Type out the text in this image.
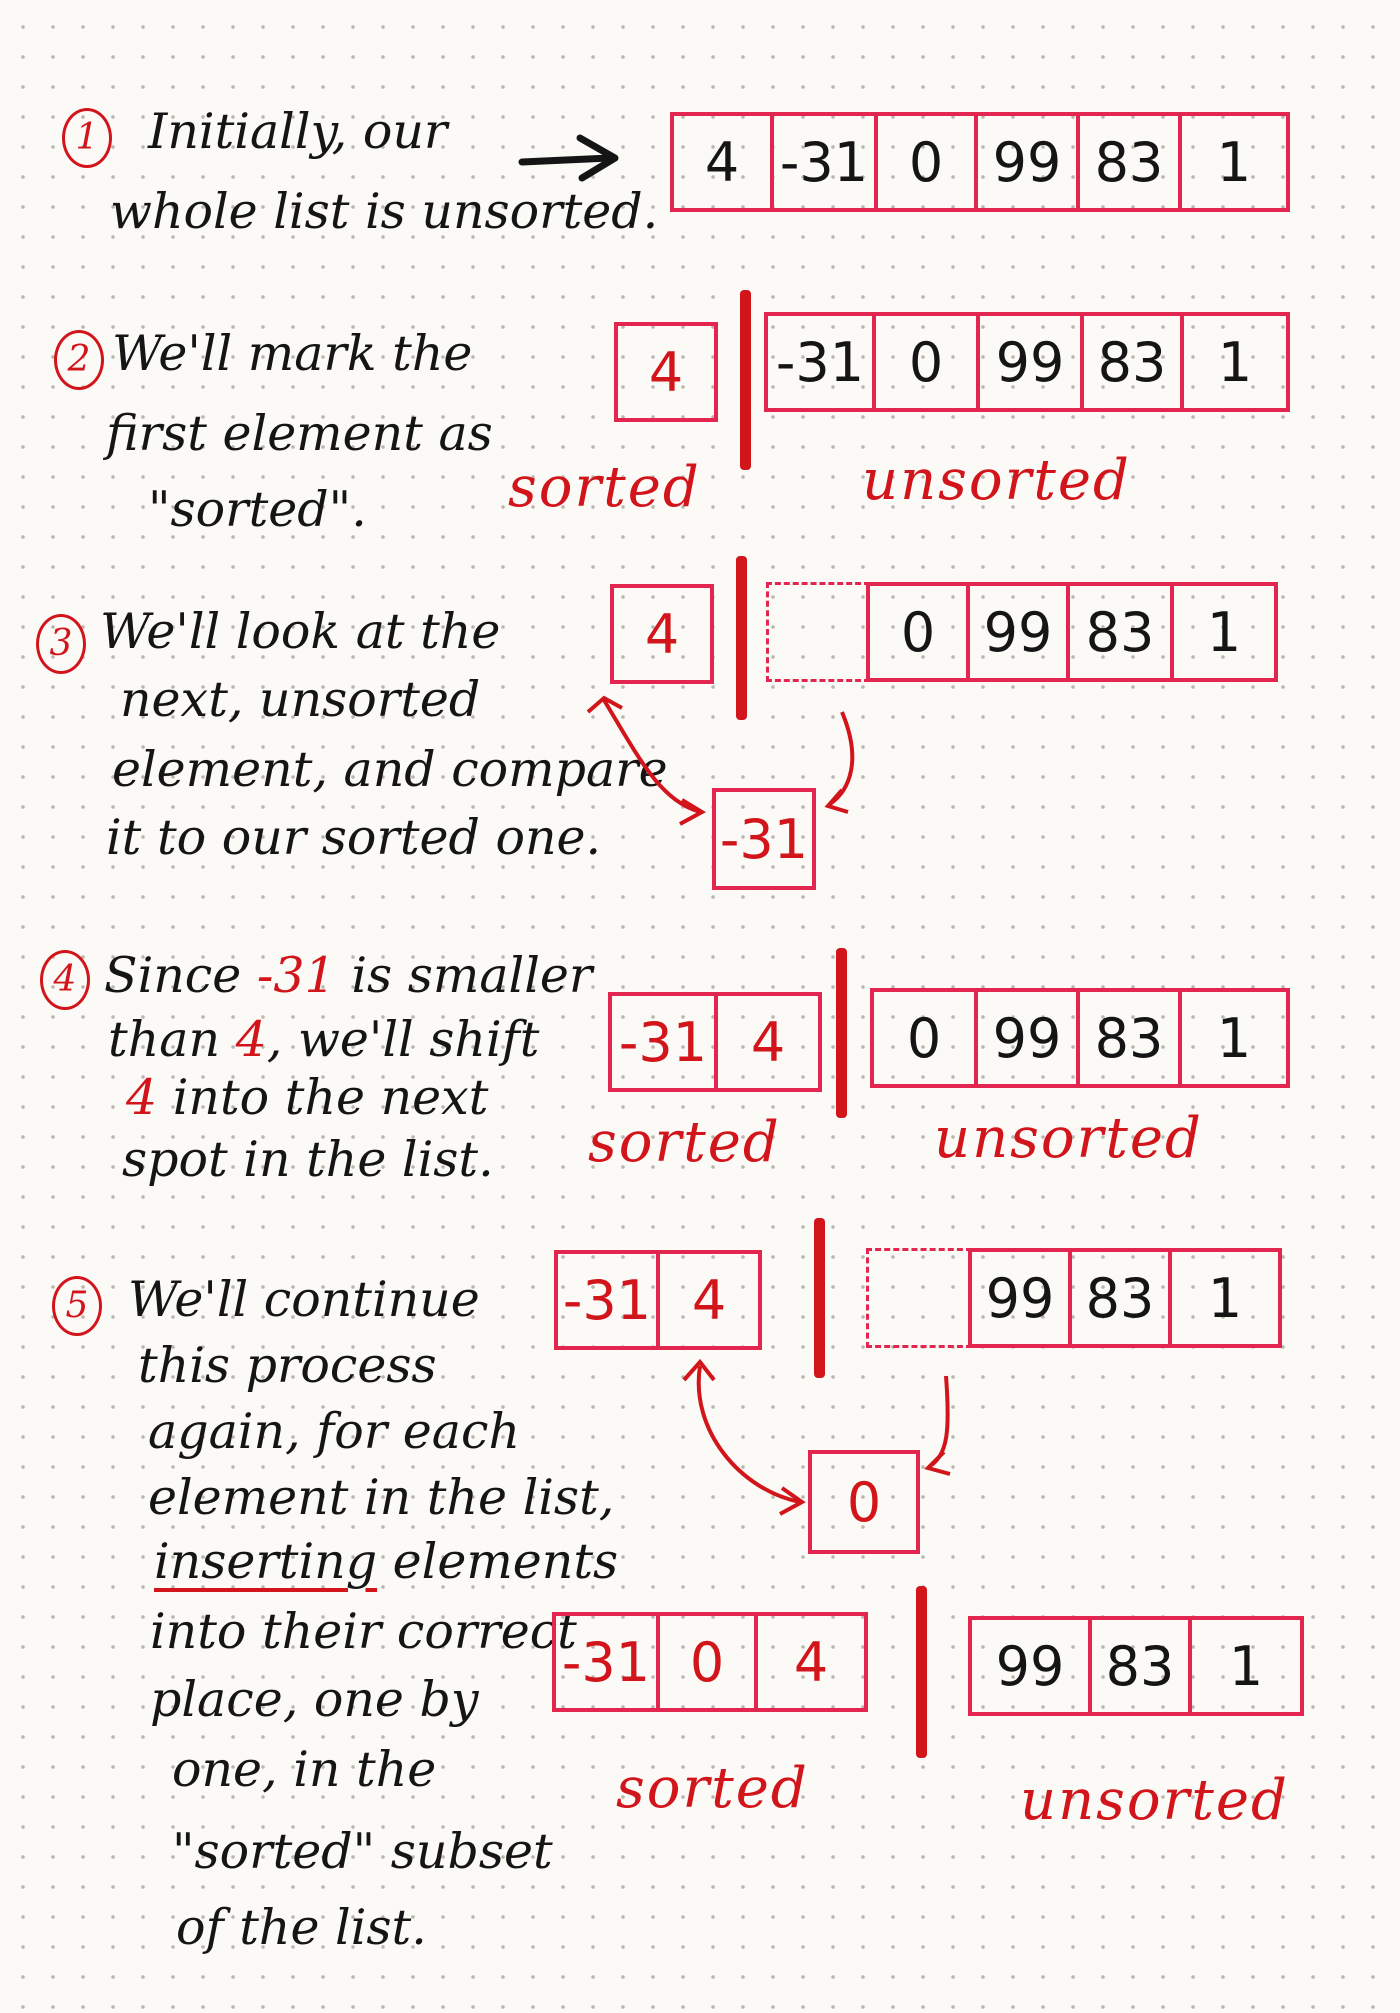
1 Initially, our
whole list is unsorted.
4 -31 0 99 83 1
2 We'll mark the
first element as
"sorted".
4	-31 0 99 83 1
sorted	unsorted
3 We'll look at the
next, unsorted
element, and compare
it to our sorted one.
4	0 99 83 1
-31
4 Since -31 is smaller
than 4, we'll shift
4 into the next
spot in the list.
-31 4	0 99 83 1
sorted	unsorted
5 We'll continue
this process
again, for each
element in the list,
inserting elements
into their correct
place, one by
one, in the
"sorted" subset
of the list.
-31 4	99 83 1
0
-31 0	4	99 83	1
sorted	unsorted
